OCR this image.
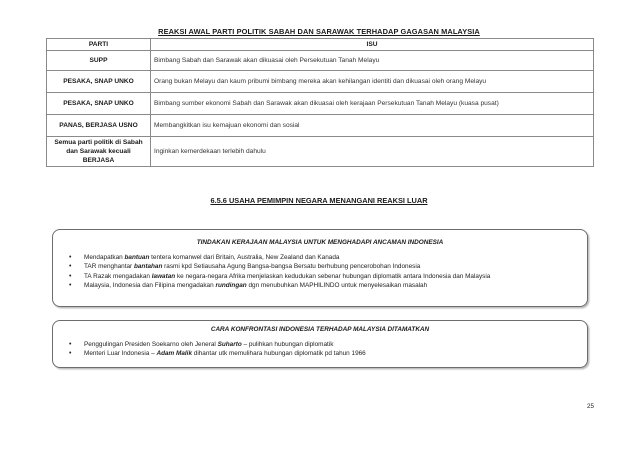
REAKSI AWAL PARTI POLITIK SABAH DAN SARAWAK TERHADAP GAGASAN MALAYSIA
PARTI	ISU
SUPP	Bimbang Sabah dan Sarawak akan dikuasai oleh Persekutuan Tanah Melayu
PESAKA, SNAP UNKO	Orang bukan Melayu dan kaum pribumi bimbang mereka akan kehilangan identiti dan dikuasai oleh orang Melayu
PESAKA, SNAP UNKO	Bimbang sumber ekonomi Sabah dan Sarawak akan dikuasai oleh kerajaan Persekutuan Tanah Melayu (kuasa pusat)
PANAS, BERJASA USNO	Membangkitkan isu kemajuan ekonomi dan sosial
Semua parti politik di Sabah dan Sarawak kecuali BERJASA	Inginkan kemerdekaan terlebih dahulu
6.5.6 USAHA PEMIMPIN NEGARA MENANGANI REAKSI LUAR
TINDAKAN KERAJAAN MALAYSIA UNTUK MENGHADAPI ANCAMAN INDONESIA
• Mendapatkan bantuan tentera komanwel dari Britain, Australia, New Zealand dan Kanada
• TAR menghantar bantahan rasmi kpd Setiausaha Agung Bangsa-bangsa Bersatu berhubung pencerobohan Indonesia
• TA Razak mengadakan lawatan ke negara-negara Afrika menjelaskan kedudukan sebenar hubungan diplomatik antara Indonesia dan Malaysia
• Malaysia, Indonesia dan Filipina mengadakan rundingan dgn menubuhkan MAPHILINDO untuk menyelesaikan masalah
CARA KONFRONTASI INDONESIA TERHADAP MALAYSIA DITAMATKAN
• Penggulingan Presiden Soekarno oleh Jeneral Suharto – pulihkan hubungan diplomatik
• Menteri Luar Indonesia – Adam Malik dihantar utk memulihara hubungan diplomatik pd tahun 1966
25
